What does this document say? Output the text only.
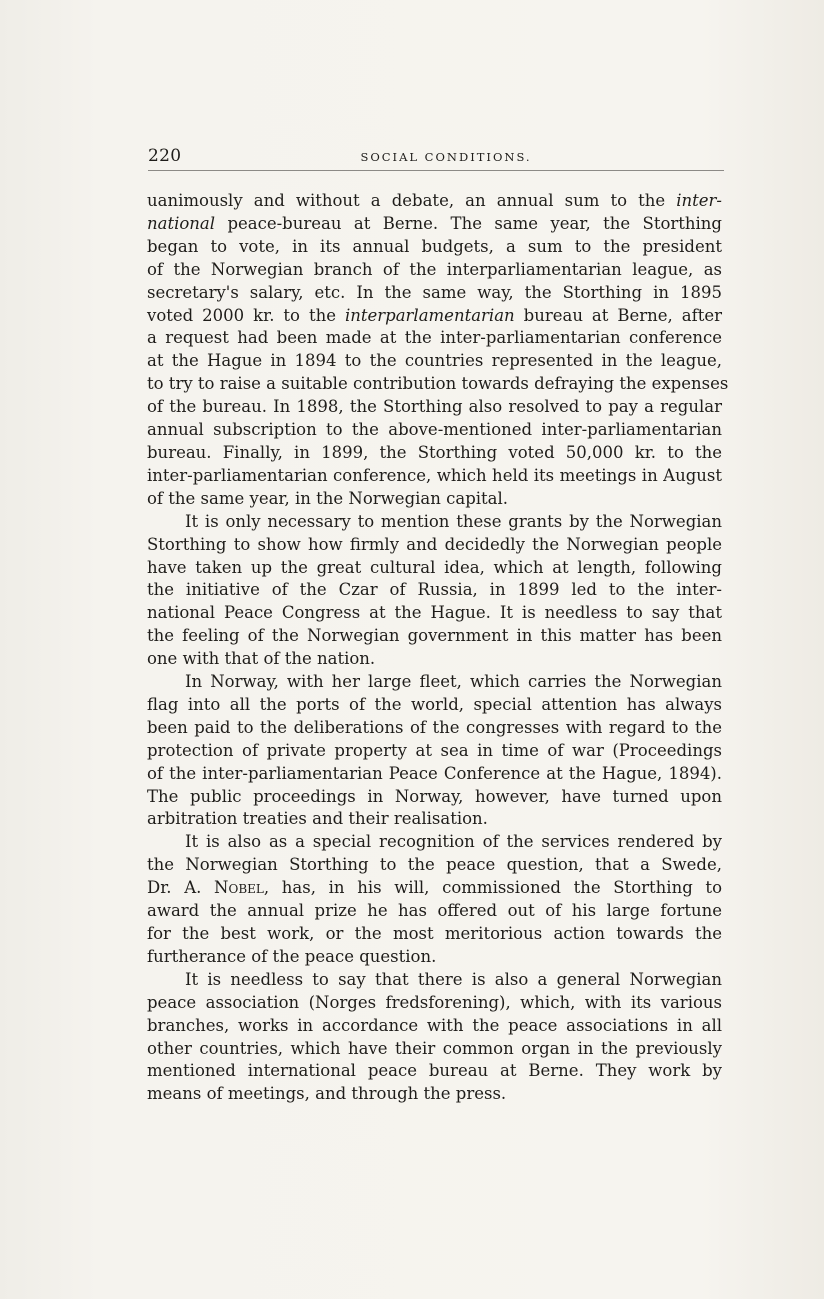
220	SOCIAL CONDITIONS.

uanimously and without a debate, an annual sum to the inter-
national peace-bureau at Berne. The same year, the Storthing
began to vote, in its annual budgets, a sum to the president
of the Norwegian branch of the interparliamentarian league, as
secretary's salary, etc. In the same way, the Storthing in 1895
voted 2000 kr. to the interparlamentarian bureau at Berne, after
a request had been made at the inter-parliamentarian conference
at the Hague in 1894 to the countries represented in the league,
to try to raise a suitable contribution towards defraying the expenses
of the bureau. In 1898, the Storthing also resolved to pay a regular
annual subscription to the above-mentioned inter-parliamentarian
bureau. Finally, in 1899, the Storthing voted 50,000 kr. to the
inter-parliamentarian conference, which held its meetings in August
of the same year, in the Norwegian capital.

It is only necessary to mention these grants by the Norwegian
Storthing to show how firmly and decidedly the Norwegian people
have taken up the great cultural idea, which at length, following
the initiative of the Czar of Russia, in 1899 led to the inter-
national Peace Congress at the Hague. It is needless to say that
the feeling of the Norwegian government in this matter has been
one with that of the nation.

In Norway, with her large fleet, which carries the Norwegian
flag into all the ports of the world, special attention has always
been paid to the deliberations of the congresses with regard to the
protection of private property at sea in time of war (Proceedings
of the inter-parliamentarian Peace Conference at the Hague, 1894).
The public proceedings in Norway, however, have turned upon
arbitration treaties and their realisation.

It is also as a special recognition of the services rendered by
the Norwegian Storthing to the peace question, that a Swede,
Dr. A. Nobel, has, in his will, commissioned the Storthing to
award the annual prize he has offered out of his large fortune
for the best work, or the most meritorious action towards the
furtherance of the peace question.

It is needless to say that there is also a general Norwegian
peace association (Norges fredsforening), which, with its various
branches, works in accordance with the peace associations in all
other countries, which have their common organ in the previously
mentioned international peace bureau at Berne. They work by
means of meetings, and through the press.
